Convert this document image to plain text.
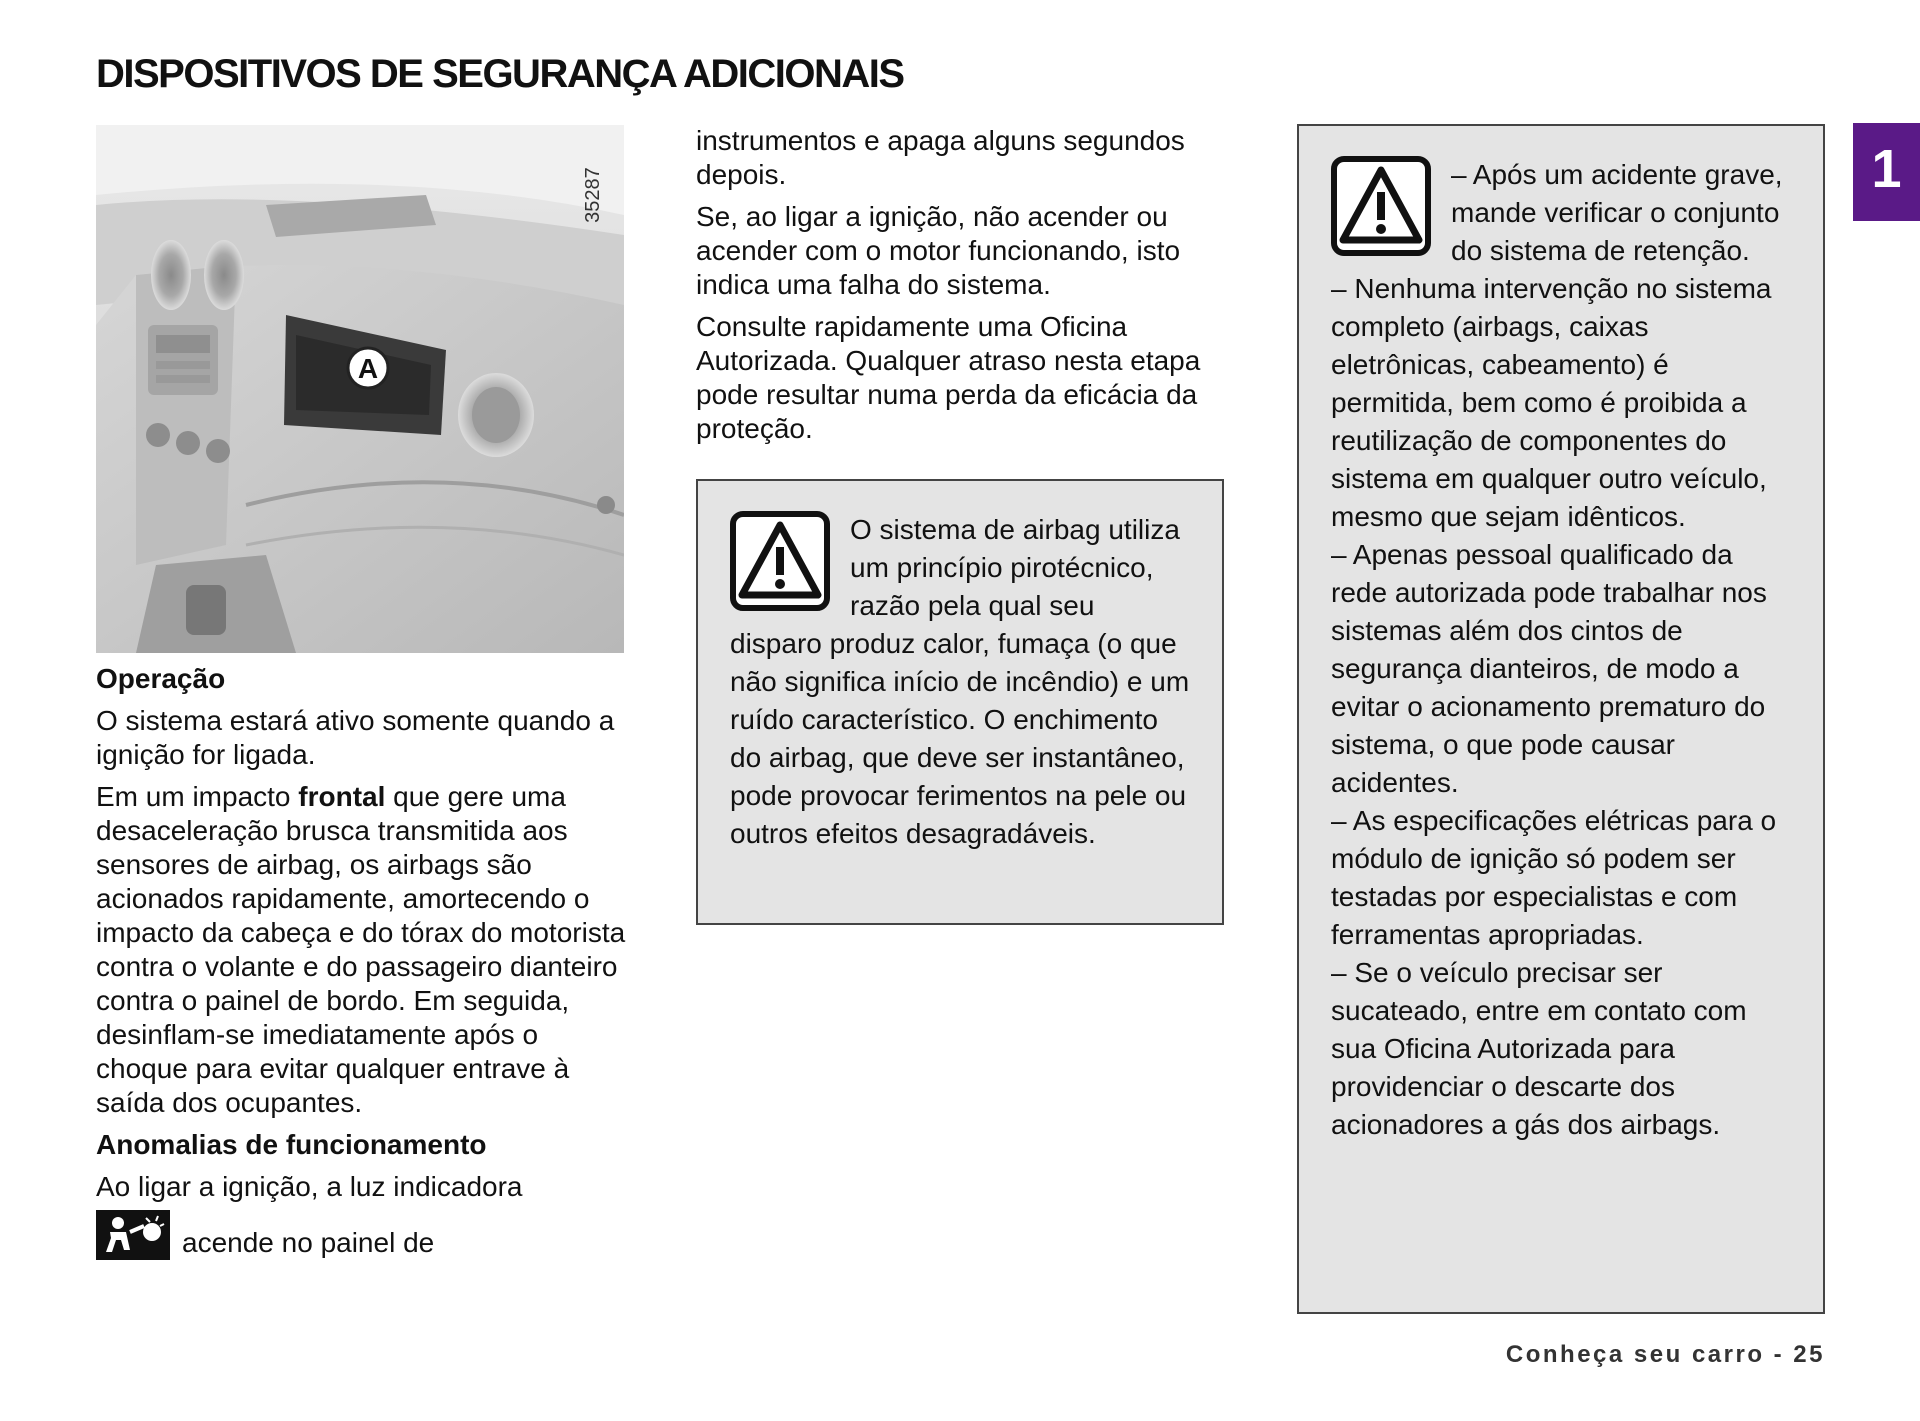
DISPOSITIVOS DE SEGURANÇA ADICIONAIS
1
A
35287

Operação

O sistema estará ativo somente quando a ignição for ligada.

Em um impacto frontal que gere uma desaceleração brusca transmitida aos sensores de airbag, os airbags são acionados rapidamente, amortecendo o impacto da cabeça e do tórax do motorista contra o volante e do passageiro dianteiro contra o painel de bordo. Em seguida, desinflam-se imediatamente após o choque para evitar qualquer entrave à saída dos ocupantes.

Anomalias de funcionamento

Ao ligar a ignição, a luz indicadora

acende no painel de

instrumentos e apaga alguns segundos depois.

Se, ao ligar a ignição, não acender ou acender com o motor funcionando, isto indica uma falha do sistema.

Consulte rapidamente uma Oficina Autorizada. Qualquer atraso nesta etapa pode resultar numa perda da eficácia da proteção.

O sistema de airbag utiliza um princípio pirotécnico, razão pela qual seu disparo produz calor, fumaça (o que não significa início de incêndio) e um ruído característico. O enchimento do airbag, que deve ser instantâneo, pode provocar ferimentos na pele ou outros efeitos desagradáveis.

– Após um acidente grave, mande verificar o conjunto do sistema de retenção.

– Nenhuma intervenção no sistema completo (airbags, caixas eletrônicas, cabeamento) é permitida, bem como é proibida a reutilização de componentes do sistema em qualquer outro veículo, mesmo que sejam idênticos.

– Apenas pessoal qualificado da rede autorizada pode trabalhar nos sistemas além dos cintos de segurança dianteiros, de modo a evitar o acionamento prematuro do sistema, o que pode causar acidentes.

– As especificações elétricas para o módulo de ignição só podem ser testadas por especialistas e com ferramentas apropriadas.

– Se o veículo precisar ser sucateado, entre em contato com sua Oficina Autorizada para providenciar o descarte dos acionadores a gás dos airbags.

Conheça seu carro - 25
